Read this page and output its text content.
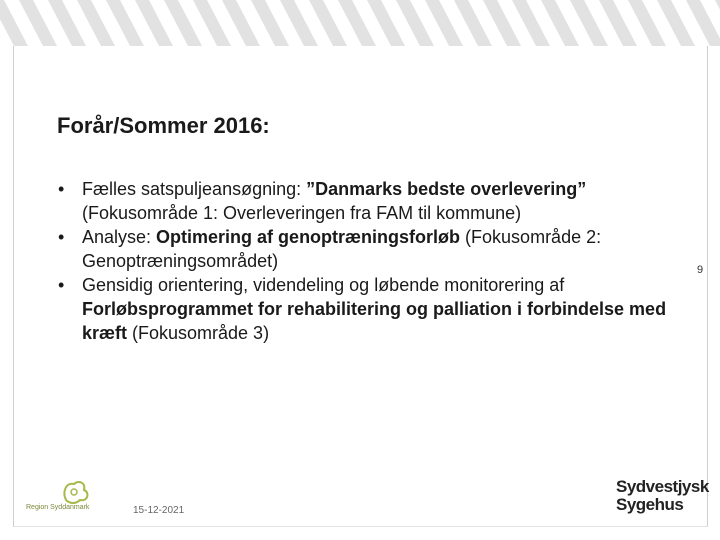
Forår/Sommer 2016:
• Fælles satspuljeansøgning: ”Danmarks bedste overlevering” (Fokusområde 1: Overleveringen fra FAM til kommune)
• Analyse: Optimering af genoptræningsforløb (Fokusområde 2: Genoptræningsområdet)
• Gensidig orientering, videndeling og løbende monitorering af Forløbsprogrammet for rehabilitering og palliation i forbindelse med kræft (Fokusområde 3)
9
Region Syddanmark	15-12-2021
Sydvestjysk
Sygehus
